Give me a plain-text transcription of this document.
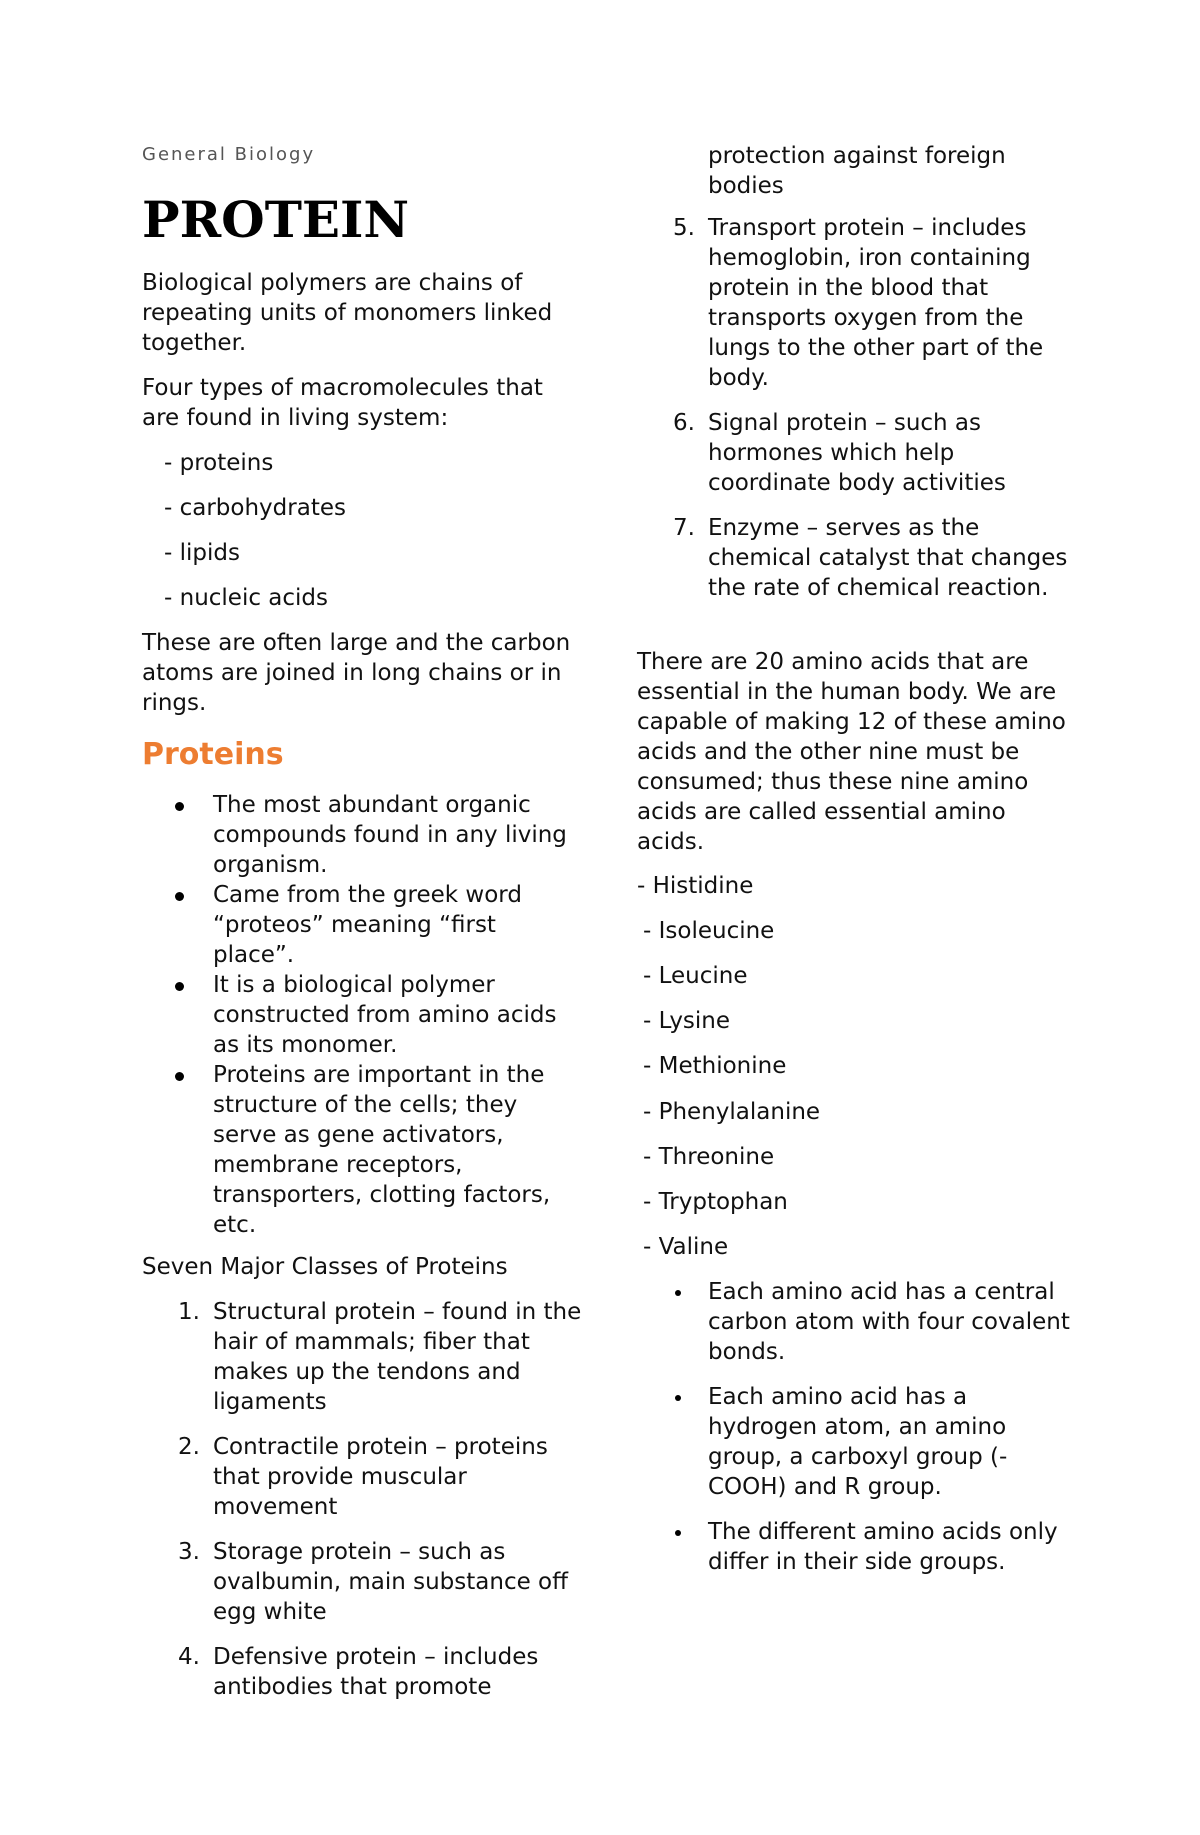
General Biology
PROTEIN

Biological polymers are chains of repeating units of monomers linked together.

Four types of macromolecules that are found in living system:

- proteins
- carbohydrates
- lipids
- nucleic acids

These are often large and the carbon atoms are joined in long chains or in rings.

Proteins
The most abundant organic compounds found in any living organism.
Came from the greek word “proteos” meaning “first place”.
It is a biological polymer constructed from amino acids as its monomer.
Proteins are important in the structure of the cells; they serve as gene activators, membrane receptors, transporters, clotting factors, etc.

Seven Major Classes of Proteins

1. Structural protein – found in the hair of mammals; fiber that makes up the tendons and ligaments
2. Contractile protein – proteins that provide muscular movement
3. Storage protein – such as ovalbumin, main substance off egg white
4. Defensive protein – includes antibodies that promote

protection against foreign bodies

5. Transport protein – includes hemoglobin, iron containing protein in the blood that transports oxygen from the lungs to the other part of the body.
6. Signal protein – such as hormones which help coordinate body activities
7. Enzyme – serves as the chemical catalyst that changes the rate of chemical reaction.

There are 20 amino acids that are essential in the human body. We are capable of making 12 of these amino acids and the other nine must be consumed; thus these nine amino acids are called essential amino acids.

- Histidine
- Isoleucine
- Leucine
- Lysine
- Methionine
- Phenylalanine
- Threonine
- Tryptophan
- Valine
Each amino acid has a central carbon atom with four covalent bonds.
Each amino acid has a hydrogen atom, an amino group, a carboxyl group (-COOH) and R group.
The different amino acids only differ in their side groups.
